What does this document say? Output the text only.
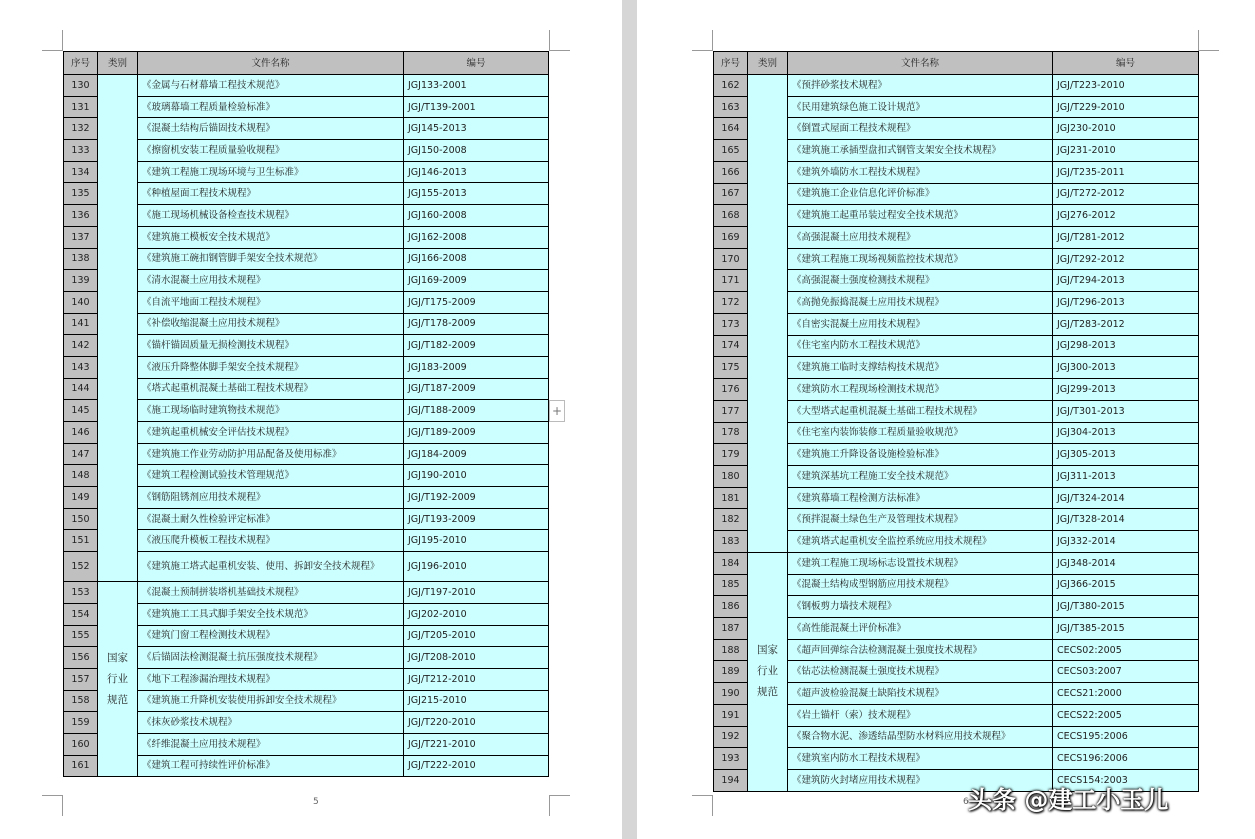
序号	类别	文件名称	编号
130		《金属与石材幕墙工程技术规范》	JGJ133-2001
131		《玻璃幕墙工程质量检验标准》	JGJ/T139-2001
132		《混凝土结构后锚固技术规程》	JGJ145-2013
133		《擦窗机安装工程质量验收规程》	JGJ150-2008
134		《建筑工程施工现场环境与卫生标准》	JGJ146-2013
135		《种植屋面工程技术规程》	JGJ155-2013
136		《施工现场机械设备检查技术规程》	JGJ160-2008
137		《建筑施工模板安全技术规范》	JGJ162-2008
138		《建筑施工碗扣钢管脚手架安全技术规范》	JGJ166-2008
139		《清水混凝土应用技术规程》	JGJ169-2009
140		《自流平地面工程技术规程》	JGJ/T175-2009
141		《补偿收缩混凝土应用技术规程》	JGJ/T178-2009
142		《锚杆锚固质量无损检测技术规程》	JGJ/T182-2009
143		《液压升降整体脚手架安全技术规程》	JGJ183-2009
144		《塔式起重机混凝土基础工程技术规程》	JGJ/T187-2009
145		《施工现场临时建筑物技术规范》	JGJ/T188-2009
146		《建筑起重机械安全评估技术规程》	JGJ/T189-2009
147		《建筑施工作业劳动防护用品配备及使用标准》	JGJ184-2009
148		《建筑工程检测试验技术管理规范》	JGJ190-2010
149		《钢筋阻锈剂应用技术规程》	JGJ/T192-2009
150		《混凝土耐久性检验评定标准》	JGJ/T193-2009
151		《液压爬升模板工程技术规程》	JGJ195-2010
152		《建筑施工塔式起重机安装、使用、拆卸安全技术规程》	JGJ196-2010
153	国家行业规范	《混凝土预制拼装塔机基础技术规程》	JGJ/T197-2010
154		《建筑施工工具式脚手架安全技术规范》	JGJ202-2010
155		《建筑门窗工程检测技术规程》	JGJ/T205-2010
156		《后锚固法检测混凝土抗压强度技术规程》	JGJ/T208-2010
157		《地下工程渗漏治理技术规程》	JGJ/T212-2010
158		《建筑施工升降机安装使用拆卸安全技术规程》	JGJ215-2010
159		《抹灰砂浆技术规程》	JGJ/T220-2010
160		《纤维混凝土应用技术规程》	JGJ/T221-2010
161		《建筑工程可持续性评价标准》	JGJ/T222-2010
+
5
序号	类别	文件名称	编号
162		《预拌砂浆技术规程》	JGJ/T223-2010
163		《民用建筑绿色施工设计规范》	JGJ/T229-2010
164		《倒置式屋面工程技术规程》	JGJ230-2010
165		《建筑施工承插型盘扣式钢管支架安全技术规程》	JGJ231-2010
166		《建筑外墙防水工程技术规程》	JGJ/T235-2011
167		《建筑施工企业信息化评价标准》	JGJ/T272-2012
168		《建筑施工起重吊装过程安全技术规范》	JGJ276-2012
169		《高强混凝土应用技术规程》	JGJ/T281-2012
170		《建筑工程施工现场视频监控技术规范》	JGJ/T292-2012
171		《高强混凝土强度检测技术规程》	JGJ/T294-2013
172		《高抛免振捣混凝土应用技术规程》	JGJ/T296-2013
173		《自密实混凝土应用技术规程》	JGJ/T283-2012
174		《住宅室内防水工程技术规范》	JGJ298-2013
175		《建筑施工临时支撑结构技术规范》	JGJ300-2013
176		《建筑防水工程现场检测技术规范》	JGJ299-2013
177		《大型塔式起重机混凝土基础工程技术规程》	JGJ/T301-2013
178		《住宅室内装饰装修工程质量验收规范》	JGJ304-2013
179		《建筑施工升降设备设施检验标准》	JGJ305-2013
180		《建筑深基坑工程施工安全技术规范》	JGJ311-2013
181		《建筑幕墙工程检测方法标准》	JGJ/T324-2014
182		《预拌混凝土绿色生产及管理技术规程》	JGJ/T328-2014
183		《建筑塔式起重机安全监控系统应用技术规程》	JGJ332-2014
184	国家行业规范	《建筑工程施工现场标志设置技术规程》	JGJ348-2014
185		《混凝土结构成型钢筋应用技术规程》	JGJ366-2015
186		《钢板剪力墙技术规程》	JGJ/T380-2015
187		《高性能混凝土评价标准》	JGJ/T385-2015
188		《超声回弹综合法检测混凝土强度技术规程》	CECS02:2005
189		《钻芯法检测混凝土强度技术规程》	CECS03:2007
190		《超声波检验混凝土缺陷技术规程》	CECS21:2000
191		《岩土锚杆（索）技术规程》	CECS22:2005
192		《聚合物水泥、渗透结晶型防水材料应用技术规程》	CECS195:2006
193		《建筑室内防水工程技术规程》	CECS196:2006
194		《建筑防火封堵应用技术规程》	CECS154:2003
6 头条 @建工小玉儿
